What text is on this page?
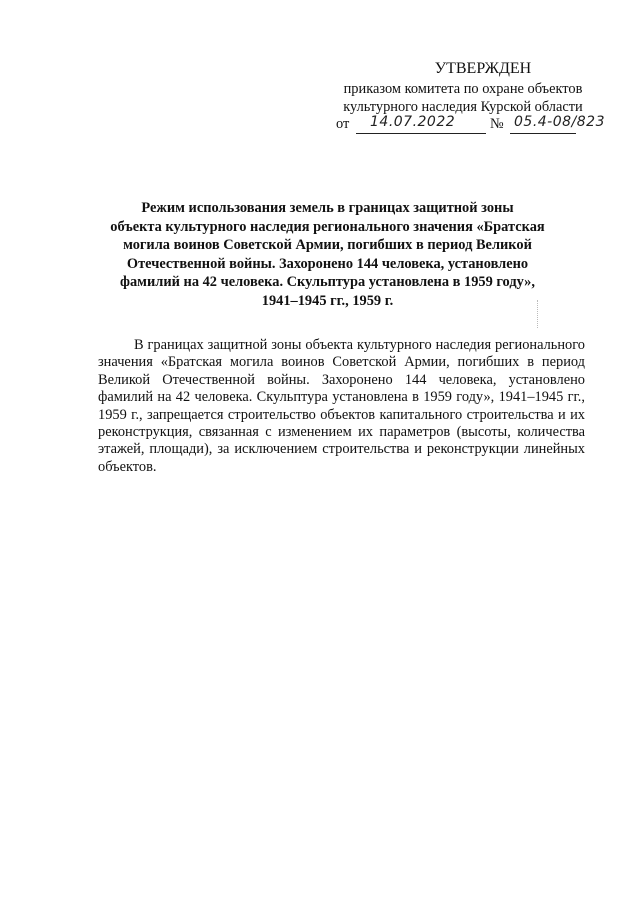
УТВЕРЖДЕН
приказом комитета по охране объектов
культурного наследия Курской области
от 14.07.2022 № 05.4-08/823
Режим использования земель в границах защитной зоны
объекта культурного наследия регионального значения «Братская
могила воинов Советской Армии, погибших в период Великой
Отечественной войны. Захоронено 144 человека, установлено
фамилий на 42 человека. Скульптура установлена в 1959 году»,
1941–1945 гг., 1959 г.
В границах защитной зоны объекта культурного наследия регионального значения «Братская могила воинов Советской Армии, погибших в период Великой Отечественной войны. Захоронено 144 человека, установлено фамилий на 42 человека. Скульптура установлена в 1959 году», 1941–1945 гг., 1959 г., запрещается строительство объектов капитального строительства и их реконструкция, связанная с изменением их параметров (высоты, количества этажей, площади), за исключением строительства и реконструкции линейных объектов.
